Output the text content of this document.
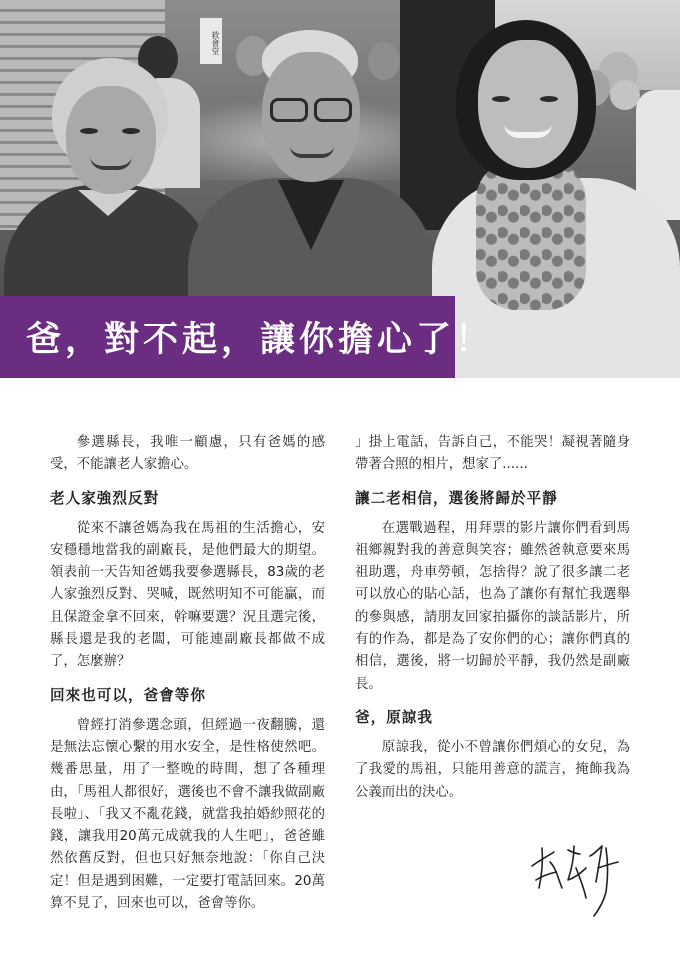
救會堂
爸，對不起，讓你擔心了！

參選縣長，我唯一顧慮，只有爸媽的感受，不能讓老人家擔心。

老人家強烈反對

從來不讓爸媽為我在馬祖的生活擔心，安安穩穩地當我的副廠長，是他們最大的期望。領表前一天告知爸媽我要參選縣長，83歲的老人家強烈反對、哭喊，既然明知不可能贏，而且保證金拿不回來，幹嘛要選？況且選完後，縣長還是我的老闆，可能連副廠長都做不成了，怎麼辦？

回來也可以，爸會等你

曾經打消參選念頭，但經過一夜翻騰，還是無法忘懷心繫的用水安全，是性格使然吧。幾番思量，用了一整晚的時間，想了各種理由，「馬祖人都很好，選後也不會不讓我做副廠長啦」、「我又不亂花錢，就當我拍婚紗照花的錢，讓我用20萬元成就我的人生吧」，爸爸雖然依舊反對，但也只好無奈地說：「你自己決定！但是遇到困難，一定要打電話回來。20萬算不見了，回來也可以，爸會等你。

」掛上電話，告訴自己，不能哭！凝視著隨身帶著合照的相片，想家了......

讓二老相信，選後將歸於平靜

在選戰過程，用拜票的影片讓你們看到馬祖鄉親對我的善意與笑容；雖然爸執意要來馬祖助選，舟車勞頓，怎捨得？說了很多讓二老可以放心的貼心話，也為了讓你有幫忙我選舉的參與感，請朋友回家拍攝你的談話影片，所有的作為，都是為了安你們的心；讓你們真的相信，選後，將一切歸於平靜，我仍然是副廠長。

爸，原諒我

原諒我，從小不曾讓你們煩心的女兒，為了我愛的馬祖，只能用善意的謊言，掩飾我為公義而出的決心。
